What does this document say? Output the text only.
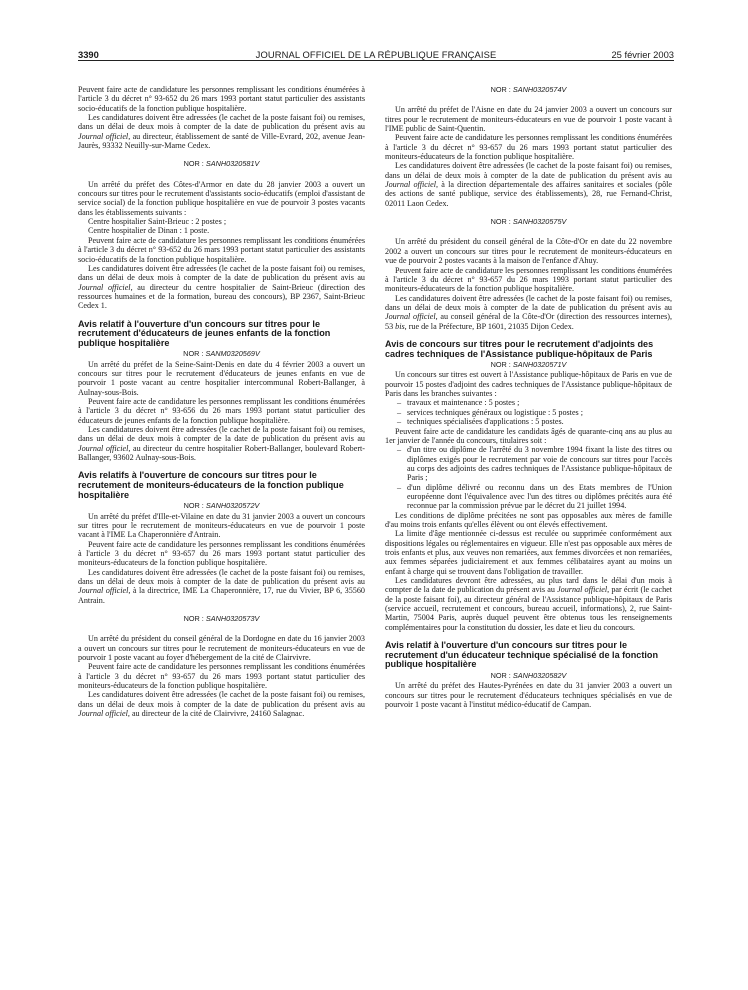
3390	JOURNAL OFFICIEL DE LA RÉPUBLIQUE FRANÇAISE	25 février 2003

Peuvent faire acte de candidature les personnes remplissant les conditions énumérées à l'article 3 du décret n° 93-652 du 26 mars 1993 portant statut particulier des assistants socio-éducatifs de la fonction publique hospitalière.

Les candidatures doivent être adressées (le cachet de la poste faisant foi) ou remises, dans un délai de deux mois à compter de la date de publication du présent avis au Journal officiel, au directeur, établissement de santé de Ville-Evrard, 202, avenue Jean-Jaurès, 93332 Neuilly-sur-Marne Cedex.

NOR : SANH0320581V

Un arrêté du préfet des Côtes-d'Armor en date du 28 janvier 2003 a ouvert un concours sur titres pour le recrutement d'assistants socio-éducatifs (emploi d'assistant de service social) de la fonction publique hospitalière en vue de pourvoir 3 postes vacants dans les établissements suivants :

Centre hospitalier Saint-Brieuc : 2 postes ;

Centre hospitalier de Dinan : 1 poste.

Peuvent faire acte de candidature les personnes remplissant les conditions énumérées à l'article 3 du décret n° 93-652 du 26 mars 1993 portant statut particulier des assistants socio-éducatifs de la fonction publique hospitalière.

Les candidatures doivent être adressées (le cachet de la poste faisant foi) ou remises, dans un délai de deux mois à compter de la date de publication du présent avis au Journal officiel, au directeur du centre hospitalier de Saint-Brieuc (direction des ressources humaines et de la formation, bureau des concours), BP 2367, Saint-Brieuc Cedex 1.

Avis relatif à l'ouverture d'un concours sur titres pour le recrutement d'éducateurs de jeunes enfants de la fonction publique hospitalière
NOR : SANM0320569V

Un arrêté du préfet de la Seine-Saint-Denis en date du 4 février 2003 a ouvert un concours sur titres pour le recrutement d'éducateurs de jeunes enfants en vue de pourvoir 1 poste vacant au centre hospitalier intercommunal Robert-Ballanger, à Aulnay-sous-Bois.

Peuvent faire acte de candidature les personnes remplissant les conditions énumérées à l'article 3 du décret n° 93-656 du 26 mars 1993 portant statut particulier des éducateurs de jeunes enfants de la fonction publique hospitalière.

Les candidatures doivent être adressées (le cachet de la poste faisant foi) ou remises, dans un délai de deux mois à compter de la date de publication du présent avis au Journal officiel, au directeur du centre hospitalier Robert-Ballanger, boulevard Robert-Ballanger, 93602 Aulnay-sous-Bois.

Avis relatifs à l'ouverture de concours sur titres pour le recrutement de moniteurs-éducateurs de la fonction publique hospitalière
NOR : SANH0320572V

Un arrêté du préfet d'Ille-et-Vilaine en date du 31 janvier 2003 a ouvert un concours sur titres pour le recrutement de moniteurs-éducateurs en vue de pourvoir 1 poste vacant à l'IME La Chaperonnière d'Antrain.

Peuvent faire acte de candidature les personnes remplissant les conditions énumérées à l'article 3 du décret n° 93-657 du 26 mars 1993 portant statut particulier des moniteurs-éducateurs de la fonction publique hospitalière.

Les candidatures doivent être adressées (le cachet de la poste faisant foi) ou remises, dans un délai de deux mois à compter de la date de publication du présent avis au Journal officiel, à la directrice, IME La Chaperonnière, 17, rue du Vivier, BP 6, 35560 Antrain.

NOR : SANH0320573V

Un arrêté du président du conseil général de la Dordogne en date du 16 janvier 2003 a ouvert un concours sur titres pour le recrutement de moniteurs-éducateurs en vue de pourvoir 1 poste vacant au foyer d'hébergement de la cité de Clairvivre.

Peuvent faire acte de candidature les personnes remplissant les conditions énumérées à l'article 3 du décret n° 93-657 du 26 mars 1993 portant statut particulier des moniteurs-éducateurs de la fonction publique hospitalière.

Les candidatures doivent être adressées (le cachet de la poste faisant foi) ou remises, dans un délai de deux mois à compter de la date de publication du présent avis au Journal officiel, au directeur de la cité de Clairvivre, 24160 Salagnac.

NOR : SANH0320574V

Un arrêté du préfet de l'Aisne en date du 24 janvier 2003 a ouvert un concours sur titres pour le recrutement de moniteurs-éducateurs en vue de pourvoir 1 poste vacant à l'IME public de Saint-Quentin.

Peuvent faire acte de candidature les personnes remplissant les conditions énumérées à l'article 3 du décret n° 93-657 du 26 mars 1993 portant statut particulier des moniteurs-éducateurs de la fonction publique hospitalière.

Les candidatures doivent être adressées (le cachet de la poste faisant foi) ou remises, dans un délai de deux mois à compter de la date de publication du présent avis au Journal officiel, à la direction départementale des affaires sanitaires et sociales (pôle des actions de santé publique, service des établissements), 28, rue Fernand-Christ, 02011 Laon Cedex.

NOR : SANH0320575V

Un arrêté du président du conseil général de la Côte-d'Or en date du 22 novembre 2002 a ouvert un concours sur titres pour le recrutement de moniteurs-éducateurs en vue de pourvoir 2 postes vacants à la maison de l'enfance d'Ahuy.

Peuvent faire acte de candidature les personnes remplissant les conditions énumérées à l'article 3 du décret n° 93-657 du 26 mars 1993 portant statut particulier des moniteurs-éducateurs de la fonction publique hospitalière.

Les candidatures doivent être adressées (le cachet de la poste faisant foi) ou remises, dans un délai de deux mois à compter de la date de publication du présent avis au Journal officiel, au conseil général de la Côte-d'Or (direction des ressources internes), 53 bis, rue de la Préfecture, BP 1601, 21035 Dijon Cedex.

Avis de concours sur titres pour le recrutement d'adjoints des cadres techniques de l'Assistance publique-hôpitaux de Paris
NOR : SANH0320571V

Un concours sur titres est ouvert à l'Assistance publique-hôpitaux de Paris en vue de pourvoir 15 postes d'adjoint des cadres techniques de l'Assistance publique-hôpitaux de Paris dans les branches suivantes :

– travaux et maintenance : 5 postes ;
– services techniques généraux ou logistique : 5 postes ;
– techniques spécialisées d'applications : 5 postes.

Peuvent faire acte de candidature les candidats âgés de quarante-cinq ans au plus au 1er janvier de l'année du concours, titulaires soit :

– d'un titre ou diplôme de l'arrêté du 3 novembre 1994 fixant la liste des titres ou diplômes exigés pour le recrutement par voie de concours sur titres pour l'accès au corps des adjoints des cadres techniques de l'Assistance publique-hôpitaux de Paris ;
– d'un diplôme délivré ou reconnu dans un des Etats membres de l'Union européenne dont l'équivalence avec l'un des titres ou diplômes précités aura été reconnue par la commission prévue par le décret du 21 juillet 1994.

Les conditions de diplôme précitées ne sont pas opposables aux mères de famille d'au moins trois enfants qu'elles élèvent ou ont élevés effectivement.

La limite d'âge mentionnée ci-dessus est reculée ou supprimée conformément aux dispositions légales ou réglementaires en vigueur. Elle n'est pas opposable aux mères de trois enfants et plus, aux veuves non remariées, aux femmes divorcées et non remariées, aux femmes séparées judiciairement et aux femmes célibataires ayant au moins un enfant à charge qui se trouvent dans l'obligation de travailler.

Les candidatures devront être adressées, au plus tard dans le délai d'un mois à compter de la date de publication du présent avis au Journal officiel, par écrit (le cachet de la poste faisant foi), au directeur général de l'Assistance publique-hôpitaux de Paris (service accueil, recrutement et concours, bureau accueil, informations), 2, rue Saint-Martin, 75004 Paris, auprès duquel peuvent être obtenus tous les renseignements complémentaires pour la constitution du dossier, les date et lieu du concours.

Avis relatif à l'ouverture d'un concours sur titres pour le recrutement d'un éducateur technique spécialisé de la fonction publique hospitalière
NOR : SANH0320582V

Un arrêté du préfet des Hautes-Pyrénées en date du 31 janvier 2003 a ouvert un concours sur titres pour le recrutement d'éducateurs techniques spécialisés en vue de pourvoir 1 poste vacant à l'institut médico-éducatif de Campan.
